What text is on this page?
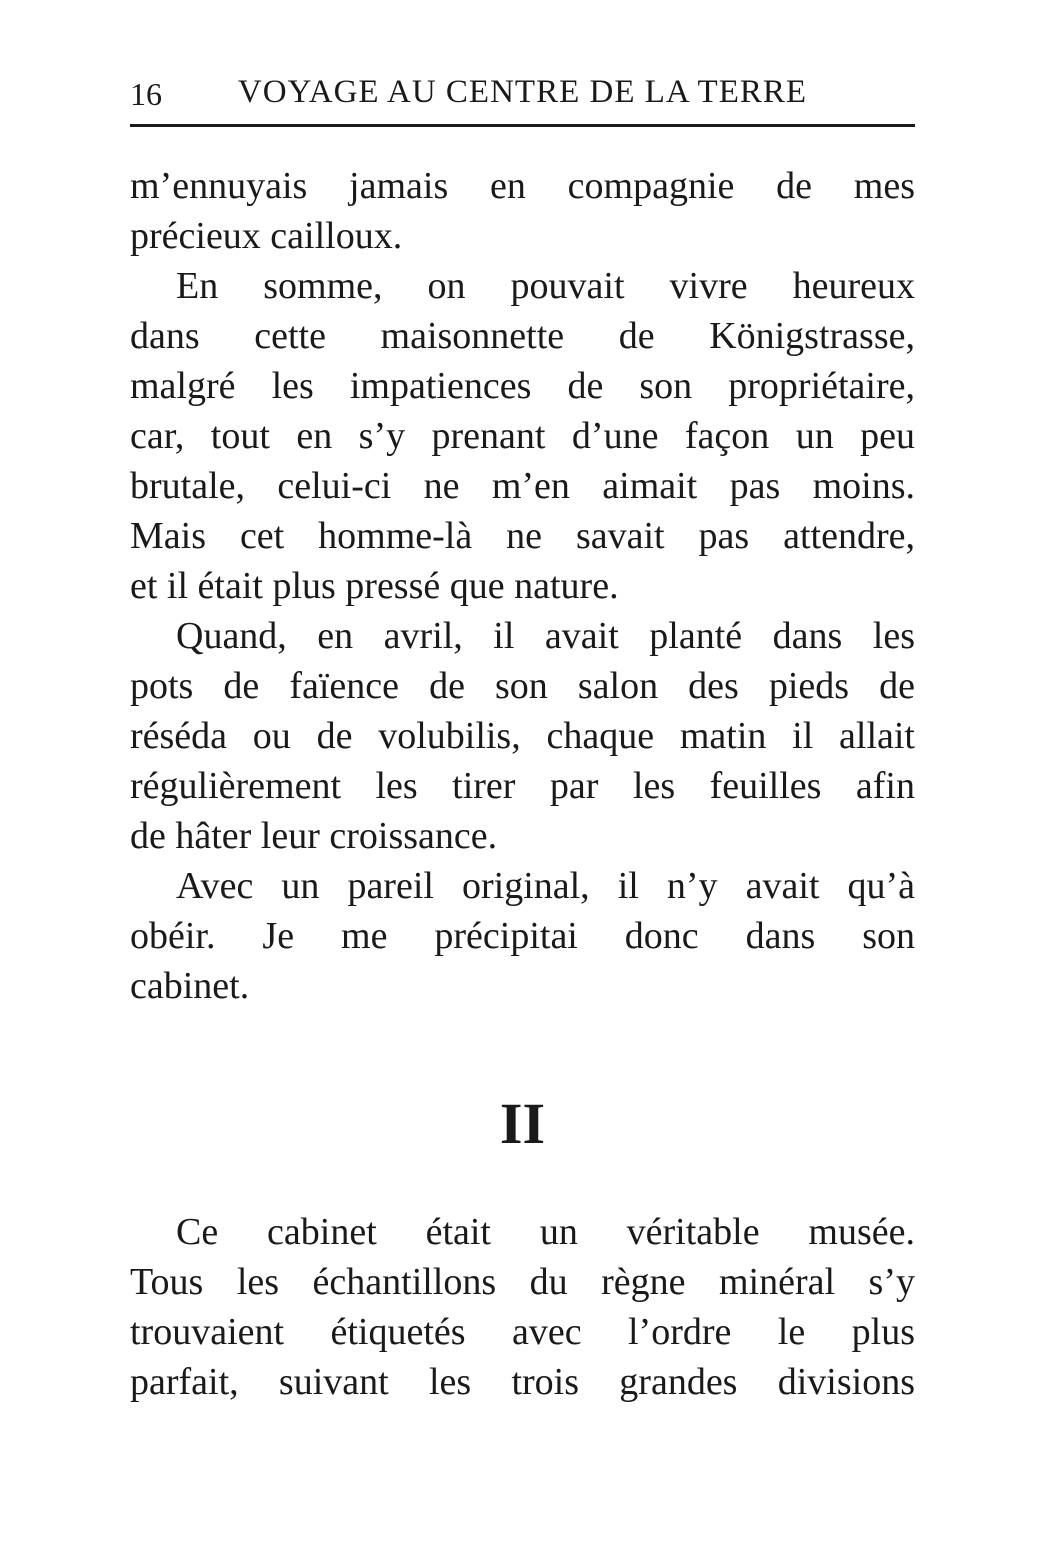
16	VOYAGE AU CENTRE DE LA TERRE
m’ennuyais jamais en compagnie de mes
précieux cailloux.
En somme, on pouvait vivre heureux
dans cette maisonnette de Königstrasse,
malgré les impatiences de son propriétaire,
car, tout en s’y prenant d’une façon un peu
brutale, celui-ci ne m’en aimait pas moins.
Mais cet homme-là ne savait pas attendre,
et il était plus pressé que nature.
Quand, en avril, il avait planté dans les
pots de faïence de son salon des pieds de
réséda ou de volubilis, chaque matin il allait
régulièrement les tirer par les feuilles afin
de hâter leur croissance.
Avec un pareil original, il n’y avait qu’à
obéir. Je me précipitai donc dans son
cabinet.
II
Ce cabinet était un véritable musée.
Tous les échantillons du règne minéral s’y
trouvaient étiquetés avec l’ordre le plus
parfait, suivant les trois grandes divisions
